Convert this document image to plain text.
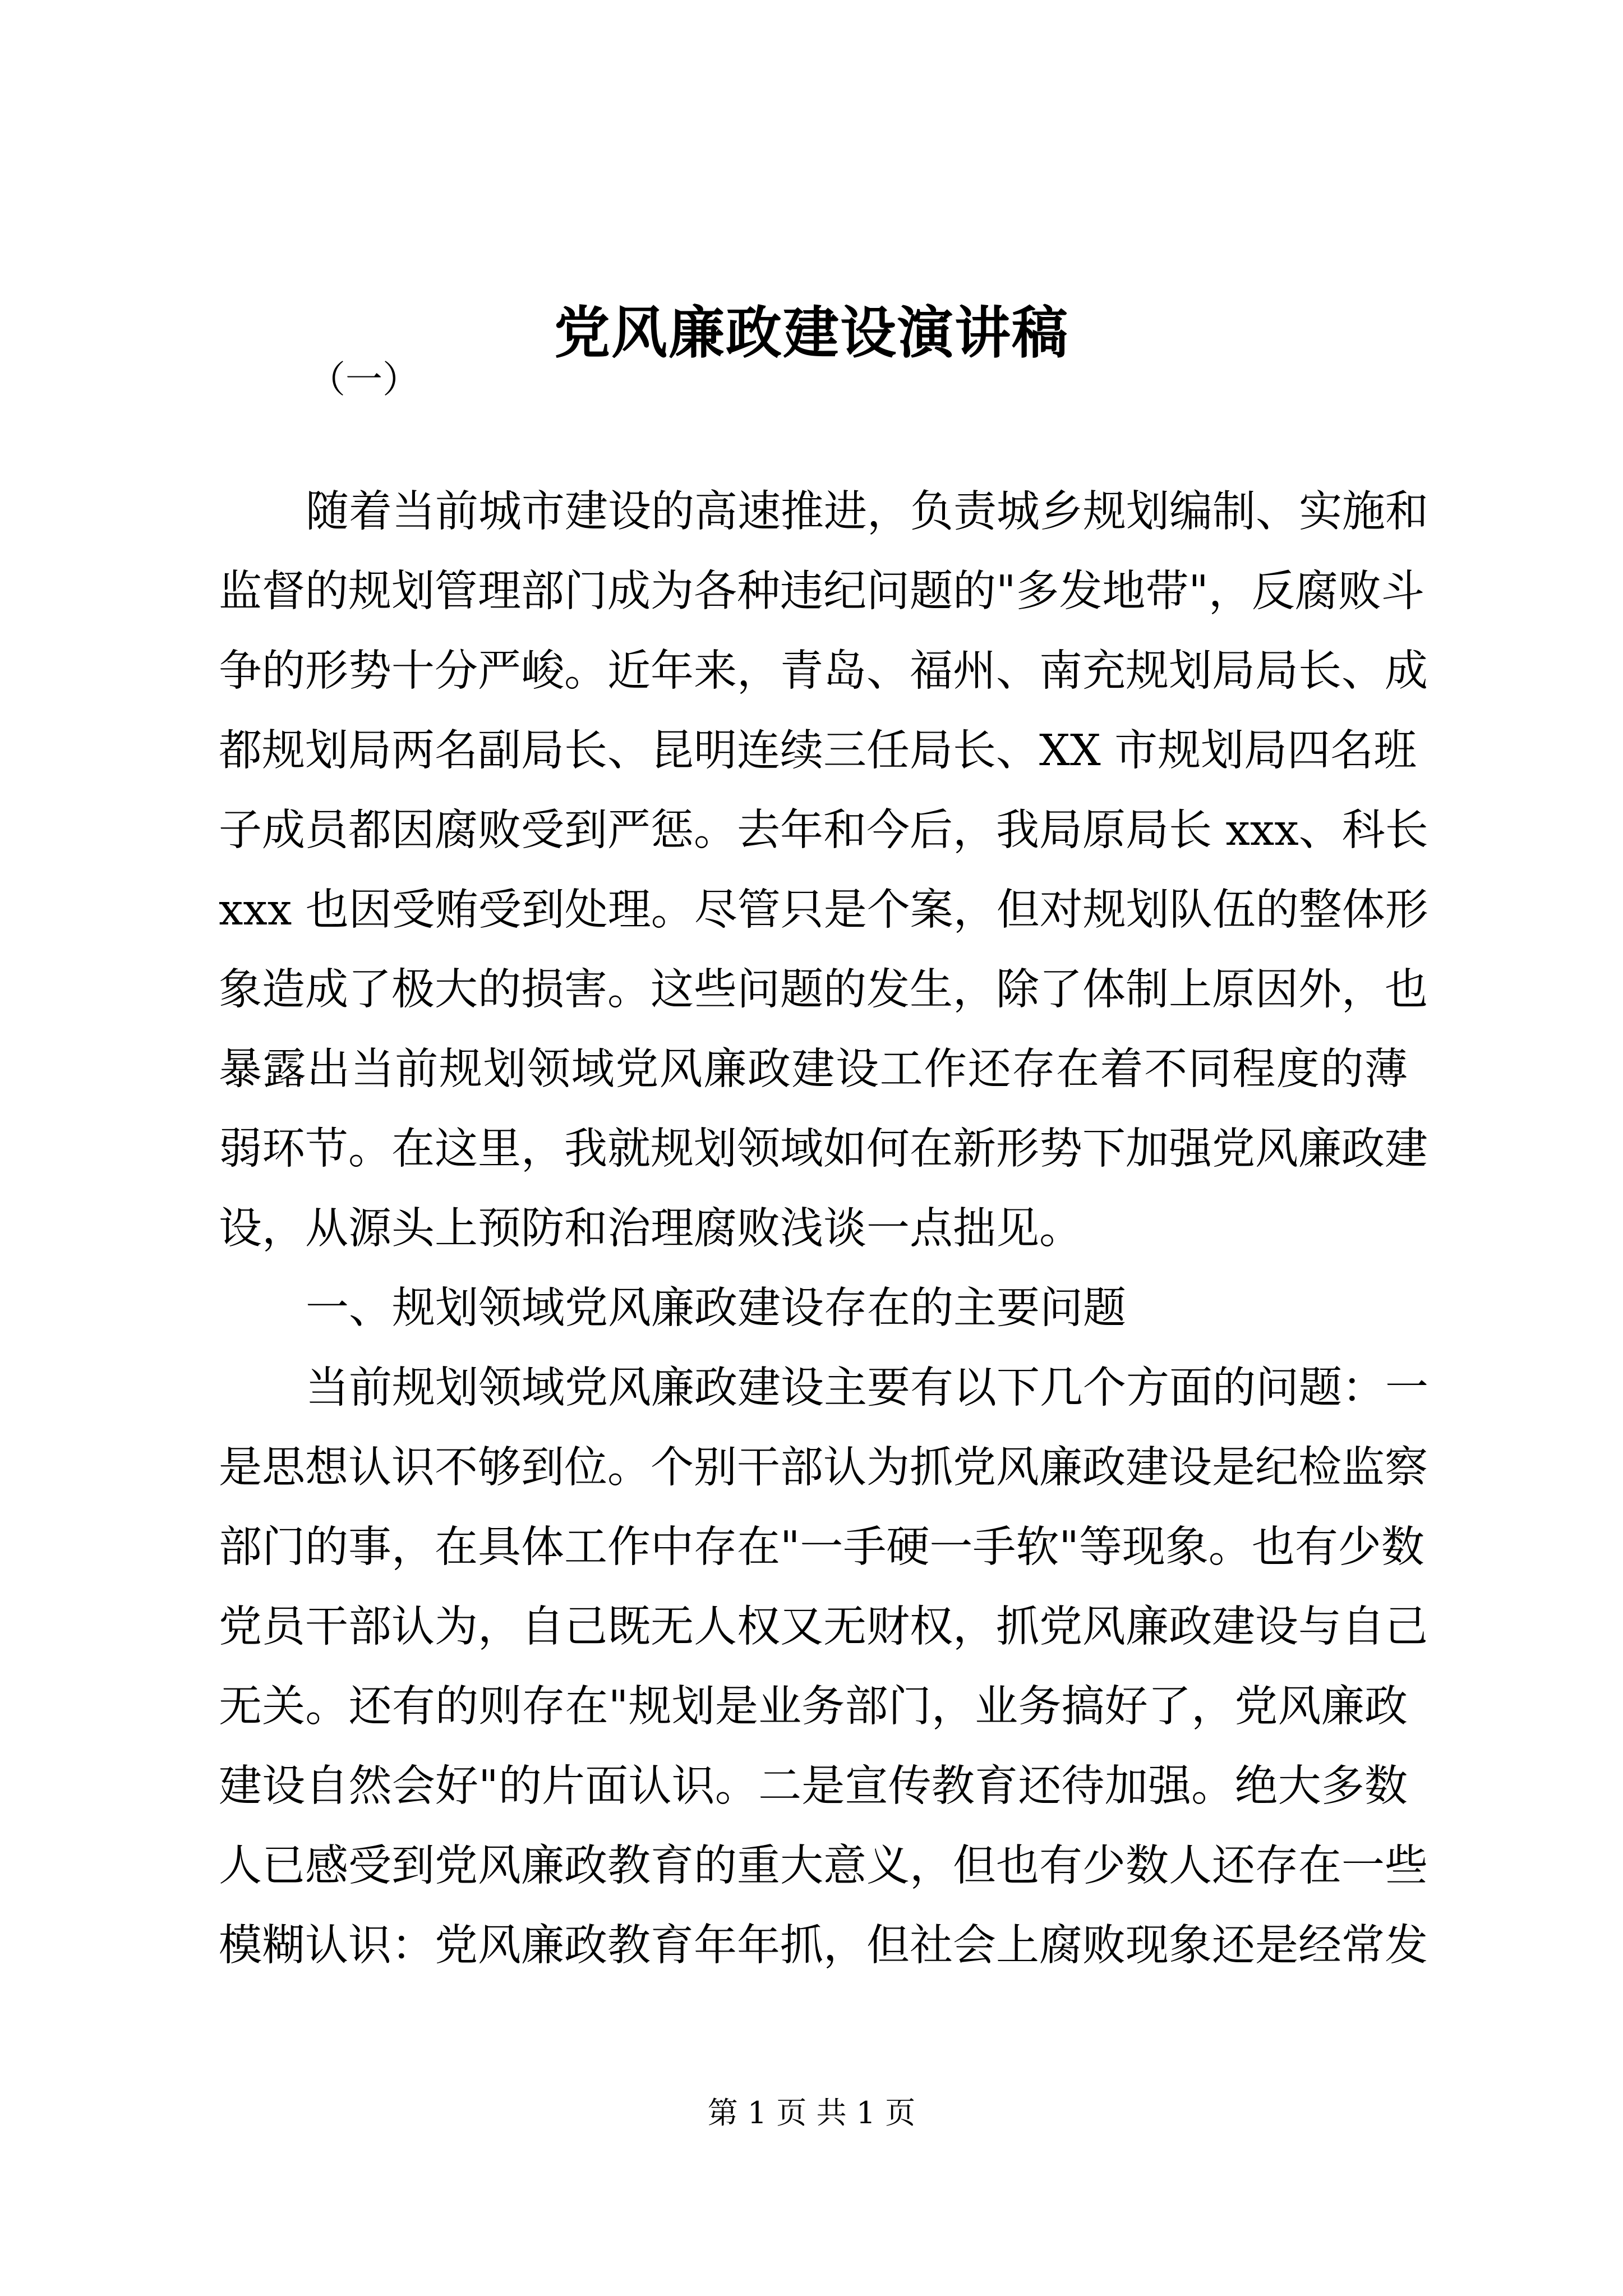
党风廉政建设演讲稿
（一）
随着当前城市建设的高速推进，负责城乡规划编制、实施和
监督的规划管理部门成为各种违纪问题的"多发地带"，反腐败斗
争的形势十分严峻。近年来，青岛、福州、南充规划局局长、成
都规划局两名副局长、昆明连续三任局长、XX 市规划局四名班
子成员都因腐败受到严惩。去年和今后，我局原局长 xxx、科长
xxx 也因受贿受到处理。尽管只是个案，但对规划队伍的整体形
象造成了极大的损害。这些问题的发生，除了体制上原因外，也
暴露出当前规划领域党风廉政建设工作还存在着不同程度的薄
弱环节。在这里，我就规划领域如何在新形势下加强党风廉政建
设，从源头上预防和治理腐败浅谈一点拙见。
一、规划领域党风廉政建设存在的主要问题
当前规划领域党风廉政建设主要有以下几个方面的问题：一
是思想认识不够到位。个别干部认为抓党风廉政建设是纪检监察
部门的事，在具体工作中存在"一手硬一手软"等现象。也有少数
党员干部认为，自己既无人权又无财权，抓党风廉政建设与自己
无关。还有的则存在"规划是业务部门，业务搞好了，党风廉政
建设自然会好"的片面认识。二是宣传教育还待加强。绝大多数
人已感受到党风廉政教育的重大意义，但也有少数人还存在一些
模糊认识：党风廉政教育年年抓，但社会上腐败现象还是经常发
第 1 页 共 1 页
